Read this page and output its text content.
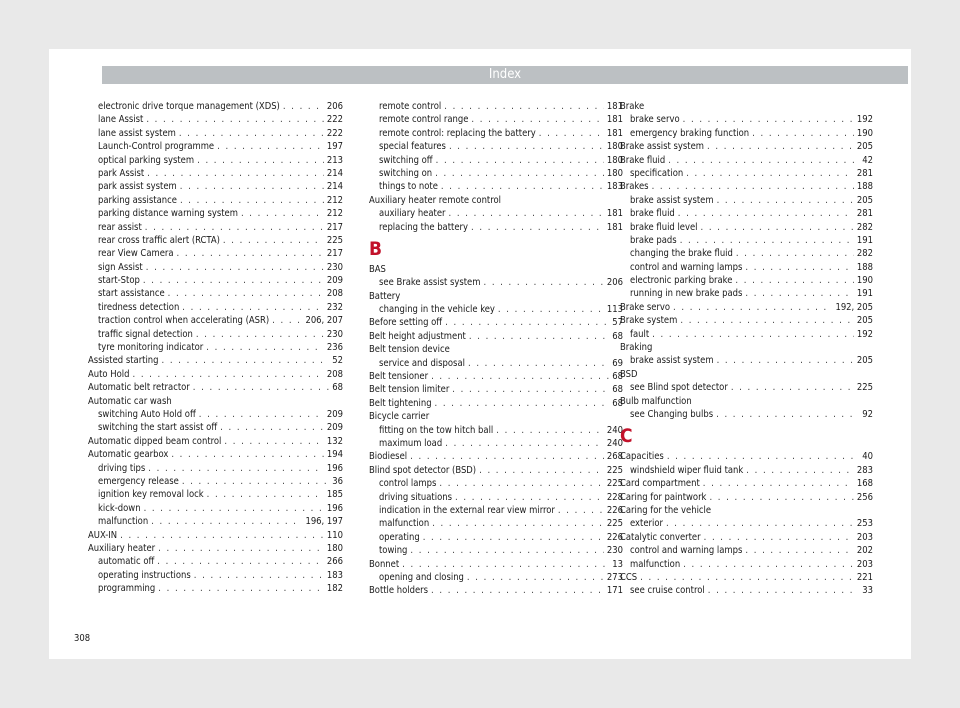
Index
electronic drive torque management (XDS) . . .	206
lane Assist . . .	222
lane assist system . . .	222
Launch-Control programme . . .	197
optical parking system . . .	213
park Assist . . .	214
park assist system . . .	214
parking assistance . . .	212
parking distance warning system . . .	212
rear assist . . .	217
rear cross traffic alert (RCTA) . . .	225
rear View Camera . . .	217
sign Assist . . .	230
start-Stop . . .	209
start assistance . . .	208
tiredness detection . . .	232
traction control when accelerating (ASR) . . .	206, 207
traffic signal detection . . .	230
tyre monitoring indicator . . .	236
Assisted starting . . .	52
Auto Hold . . .	208
Automatic belt retractor . . .	68
Automatic car wash
switching Auto Hold off . . .	209
switching the start assist off . . .	209
Automatic dipped beam control . . .	132
Automatic gearbox . . .	194
driving tips . . .	196
emergency release . . .	36
ignition key removal lock . . .	185
kick-down . . .	196
malfunction . . .	196, 197
AUX-IN . . .	110
Auxiliary heater . . .	180
automatic off . . .	266
operating instructions . . .	183
programming . . .	182
remote control . . .	181
remote control range . . .	181
remote control: replacing the battery . . .	181
special features . . .	180
switching off . . .	180
switching on . . .	180
things to note . . .	183
Auxiliary heater remote control
auxiliary heater . . .	181
replacing the battery . . .	181
B
BAS
see Brake assist system . . .	206
Battery
changing in the vehicle key . . .	113
Before setting off . . .	57
Belt height adjustment . . .	68
Belt tension device
service and disposal . . .	69
Belt tensioner . . .	68
Belt tension limiter . . .	68
Belt tightening . . .	68
Bicycle carrier
fitting on the tow hitch ball . . .	240
maximum load . . .	240
Biodiesel . . .	268
Blind spot detector (BSD) . . .	225
control lamps . . .	225
driving situations . . .	228
indication in the external rear view mirror . . .	226
malfunction . . .	225
operating . . .	226
towing . . .	230
Bonnet . . .	13
opening and closing . . .	273
Bottle holders . . .	171
Brake
brake servo . . .	192
emergency braking function . . .	190
Brake assist system . . .	205
Brake fluid . . .	42
specification . . .	281
Brakes . . .	188
brake assist system . . .	205
brake fluid . . .	281
brake fluid level . . .	282
brake pads . . .	191
changing the brake fluid . . .	282
control and warning lamps . . .	188
electronic parking brake . . .	190
running in new brake pads . . .	191
Brake servo . . .	192, 205
Brake system . . .	205
fault . . .	192
Braking
brake assist system . . .	205
BSD
see Blind spot detector . . .	225
Bulb malfunction
see Changing bulbs . . .	92
C
Capacities . . .	40
windshield wiper fluid tank . . .	283
Card compartment . . .	168
Caring for paintwork . . .	256
Caring for the vehicle
exterior . . .	253
Catalytic converter . . .	203
control and warning lamps . . .	202
malfunction . . .	203
CCS . . .	221
see cruise control . . .	33
308
